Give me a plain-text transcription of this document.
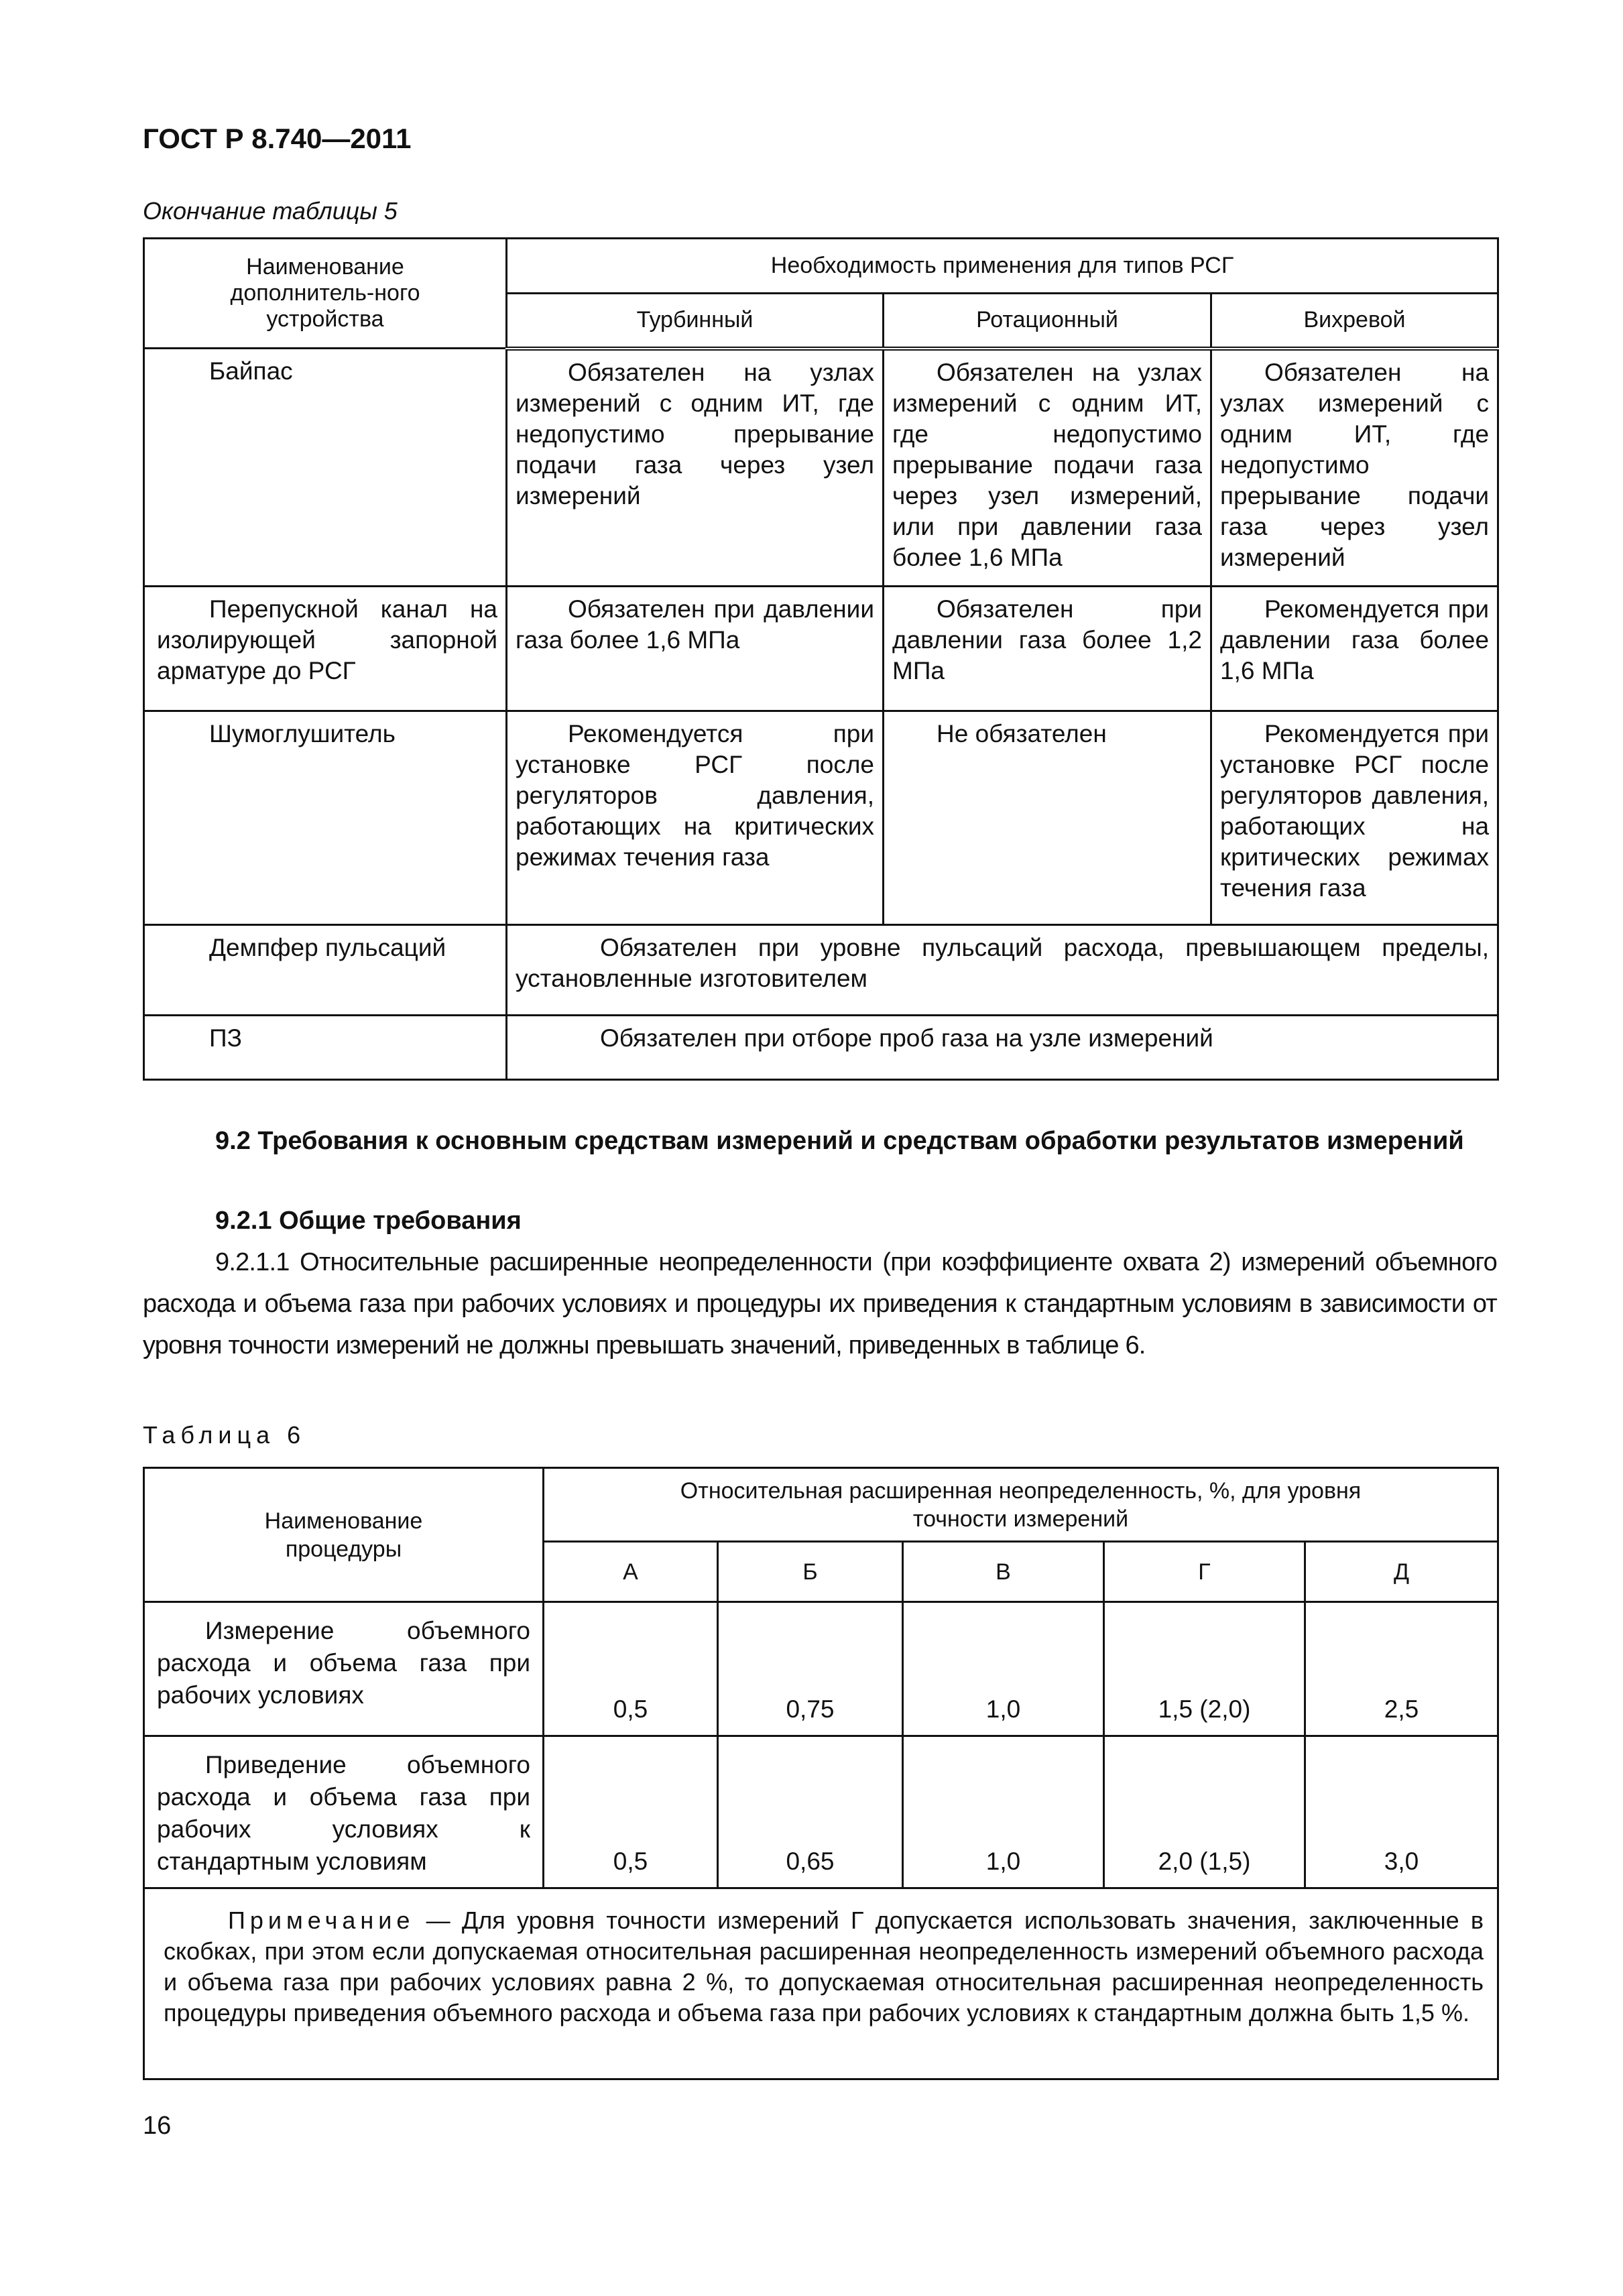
ГОСТ Р 8.740—2011
Окончание таблицы 5
Наименование дополнитель-ного устройства	Необходимость применения для типов РСГ		
	Турбинный	Ротационный	Вихревой
Байпас	Обязателен на узлах измерений с одним ИТ, где недопустимо прерывание подачи газа через узел измерений	Обязателен на узлах измерений с одним ИТ, где недопустимо прерывание подачи газа через узел измерений, или при давлении газа более 1,6 МПа	Обязателен на узлах измерений с одним ИТ, где недопустимо прерывание подачи газа через узел измерений
Перепускной канал на изолирующей запорной арматуре до РСГ	Обязателен при давлении газа более 1,6 МПа	Обязателен при давлении газа более 1,2 МПа	Рекомендуется при давлении газа более 1,6 МПа
Шумоглушитель	Рекомендуется при установке РСГ после регуляторов давления, работающих на критических режимах течения газа	Не обязателен	Рекомендуется при установке РСГ после регуляторов давления, работающих на критических режимах течения газа
Демпфер пульсаций	Обязателен при уровне пульсаций расхода, превышающем пределы, установленные изготовителем		
ПЗ	Обязателен при отборе проб газа на узле измерений		
9.2 Требования к основным средствам измерений и средствам обработки результатов измерений
9.2.1 Общие требования
9.2.1.1 Относительные расширенные неопределенности (при коэффициенте охвата 2) измерений объемного расхода и объема газа при рабочих условиях и процедуры их приведения к стандартным условиям в зависимости от уровня точности измерений не должны превышать значений, приведенных в таблице 6.
Таблица 6
Наименование процедуры	Относительная расширенная неопределенность, %, для уровня точности измерений				
	А	Б	В	Г	Д
Измерение объемного расхода и объема газа при рабочих условиях	0,5	0,75	1,0	1,5 (2,0)	2,5
Приведение объемного расхода и объема газа при рабочих условиях к стандартным условиям	0,5	0,65	1,0	2,0 (1,5)	3,0
Примечание — Для уровня точности измерений Г допускается использовать значения, заключенные в скобках, при этом если допускаемая относительная расширенная неопределенность измерений объемного расхода и объема газа при рабочих условиях равна 2 %, то допускаемая относительная расширенная неопределенность процедуры приведения объемного расхода и объема газа при рабочих условиях к стандартным должна быть 1,5 %.					
16
